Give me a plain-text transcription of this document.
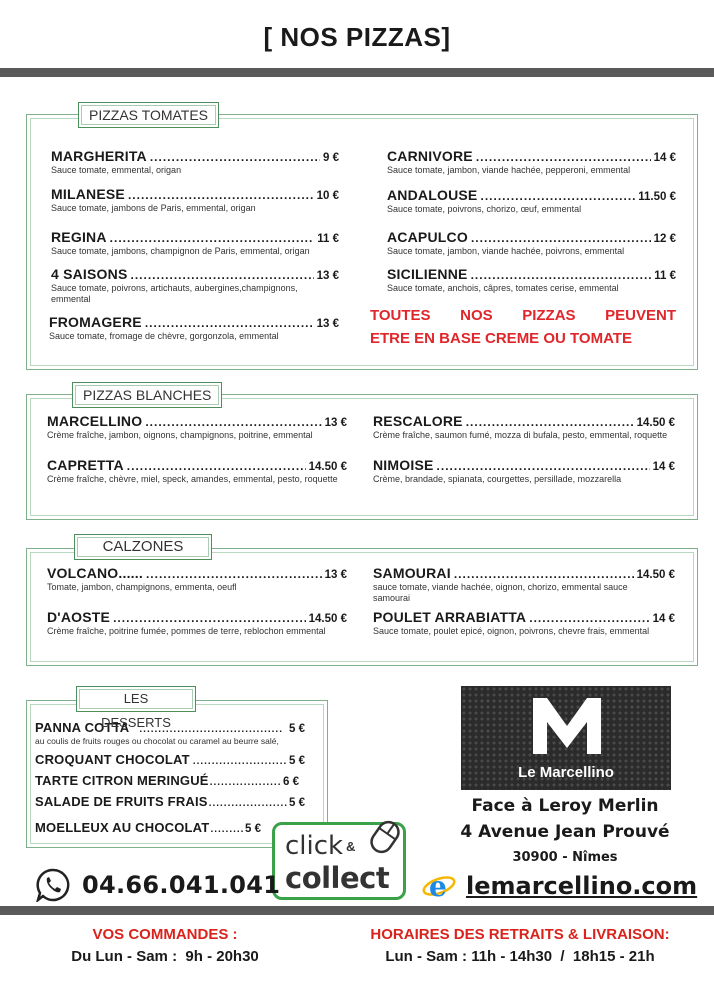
[ NOS PIZZAS]
PIZZAS TOMATES
MARGHERITA .....	9 €
Sauce tomate, emmental, origan
MILANESE .....	10 €
Sauce tomate, jambons de Paris, emmental, origan
REGINA .....	11 €
Sauce tomate, jambons, champignon de Paris, emmental, origan
4 SAISONS .....	13 €
Sauce tomate, poivrons, artichauts, aubergines,champignons, emmental
FROMAGERE .....	13 €
Sauce tomate, fromage de chèvre, gorgonzola, emmental
CARNIVORE .....	14 €
Sauce tomate, jambon, viande hachée, pepperoni, emmental
ANDALOUSE .....	11.50 €
Sauce tomate, poivrons, chorizo, œuf, emmental
ACAPULCO .....	12 €
Sauce tomate, jambon, viande hachée, poivrons, emmental
SICILIENNE .....	11 €
Sauce tomate, anchois, câpres, tomates cerise, emmental
TOUTES NOS PIZZAS PEUVENT
ETRE EN BASE CREME OU TOMATE
PIZZAS BLANCHES
MARCELLINO .....	13 €
Crème fraîche, jambon, oignons, champignons, poitrine, emmental
CAPRETTA .....	14.50 €
Crème fraîche, chèvre, miel, speck, amandes, emmental, pesto, roquette
RESCALORE .....	14.50 €
Crème fraîche, saumon fumé, mozza di bufala, pesto, emmental, roquette
NIMOISE .....	14 €
Crème, brandade, spianata, courgettes, persillade, mozzarella
CALZONES
VOLCANO...... .....	13 €
Tomate, jambon, champignons, emmenta, oeufl
D'AOSTE .....	14.50 €
Crème fraîche, poitrine fumée, pommes de terre, reblochon emmental
SAMOURAI .....	14.50 €
sauce tomate, viande hachée, oignon, chorizo, emmental sauce samourai
POULET ARRABIATTA .....	14 €
Sauce tomate, poulet epicé, oignon, poivrons, chevre frais, emmental
LES DESSERTS
PANNA COTTA .....	5 €
au coulis de fruits rouges ou chocolat ou caramel au beurre salé,
CROQUANT CHOCOLAT .....	5 €
TARTE CITRON MERINGUÉ .....	6 €
SALADE DE FRUITS FRAIS .....	5 €
MOELLEUX AU CHOCOLAT .....	5 €
Le Marcellino
Face à Leroy Merlin
4 Avenue Jean Prouvé
30900 - Nîmes
click &
collect
04.66.041.041	e lemarcellino.com
VOS COMMANDES :
Du Lun - Sam :  9h - 20h30
HORAIRES DES RETRAITS & LIVRAISON:
Lun - Sam : 11h - 14h30  /  18h15 - 21h
